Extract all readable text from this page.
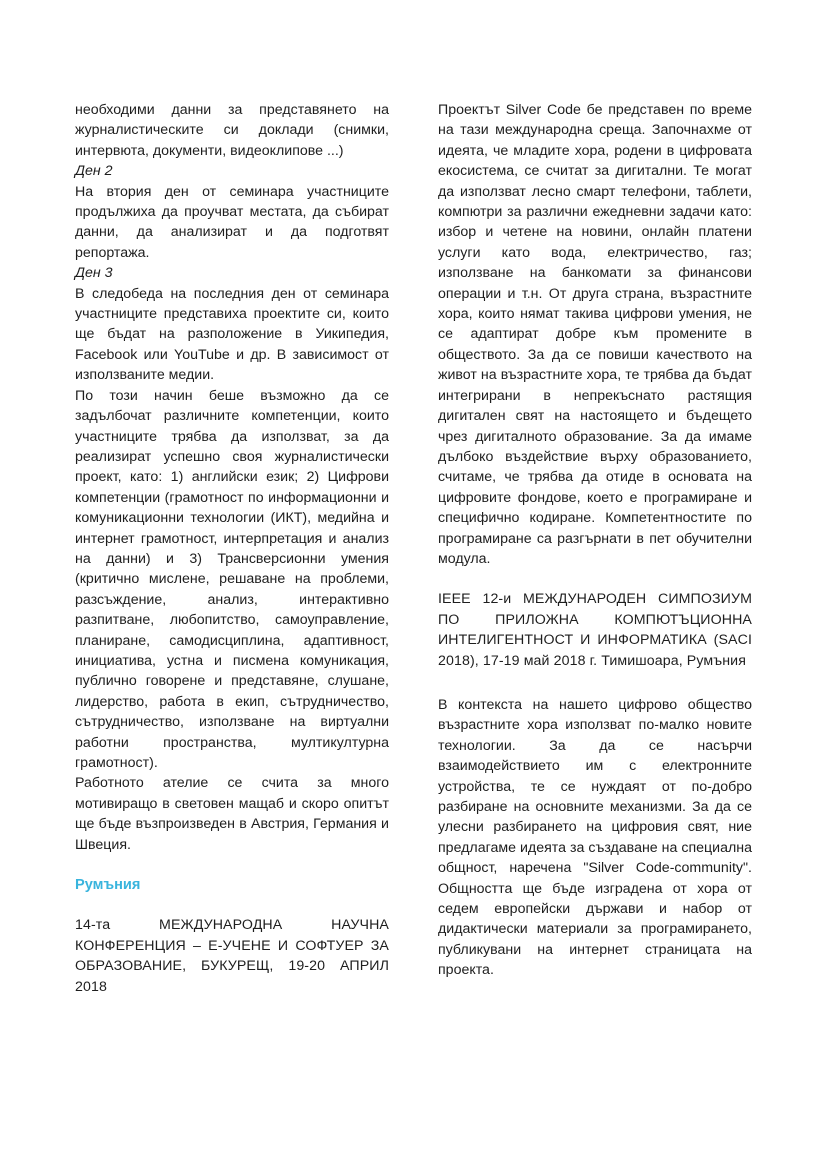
необходими данни за представянето на журналистическите си доклади (снимки, интервюта, документи, видеоклипове ...)

Ден 2

На втория ден от семинара участниците продължиха да проучват местата, да събират данни, да анализират и да подготвят репортажа.

Ден 3

В следобеда на последния ден от семинара участниците представиха проектите си, които ще бъдат на разположение в Уикипедия, Facebook или YouTube и др. В зависимост от използваните медии.

По този начин беше възможно да се задълбочат различните компетенции, които участниците трябва да използват, за да реализират успешно своя журналистически проект, като: 1) английски език; 2) Цифрови компетенции (грамотност по информационни и комуникационни технологии (ИКТ), медийна и интернет грамотност, интерпретация и анализ на данни) и 3) Трансверсионни умения (критично мислене, решаване на проблеми, разсъждение, анализ, интерактивно разпитване, любопитство, самоуправление, планиране, самодисциплина, адаптивност, инициатива, устна и писмена комуникация, публично говорене и представяне, слушане, лидерство, работа в екип, сътрудничество, сътрудничество, използване на виртуални работни пространства, мултикултурна грамотност).

Работното ателие се счита за много мотивиращо в световен мащаб и скоро опитът ще бъде възпроизведен в Австрия, Германия и Швеция.

Румъния

14-та МЕЖДУНАРОДНА НАУЧНА КОНФЕРЕНЦИЯ – Е-УЧЕНЕ И СОФТУЕР ЗА ОБРАЗОВАНИЕ, БУКУРЕЩ, 19-20 АПРИЛ 2018

Проектът Silver Code бе представен по време на тази международна среща. Започнахме от идеята, че младите хора, родени в цифровата екосистема, се считат за дигитални. Те могат да използват лесно смарт телефони, таблети, компютри за различни ежедневни задачи като: избор и четене на новини, онлайн платени услуги като вода, електричество, газ; използване на банкомати за финансови операции и т.н. От друга страна, възрастните хора, които нямат такива цифрови умения, не се адаптират добре към промените в обществото. За да се повиши качеството на живот на възрастните хора, те трябва да бъдат интегрирани в непрекъснато растящия дигитален свят на настоящето и бъдещето чрез дигиталното образование. За да имаме дълбоко въздействие върху образованието, считаме, че трябва да отиде в основата на цифровите фондове, което е програмиране и специфично кодиране. Компетентностите по програмиране са разгърнати в пет обучителни модула.

IEEE 12-и МЕЖДУНАРОДЕН СИМПОЗИУМ ПО ПРИЛОЖНА КОМПЮТЪЦИОННА ИНТЕЛИГЕНТНОСТ И ИНФОРМАТИКА (SACI 2018), 17-19 май 2018 г. Тимишоара, Румъния

В контекста на нашето цифрово общество възрастните хора използват по-малко новите технологии. За да се насърчи взаимодействието им с електронните устройства, те се нуждаят от по-добро разбиране на основните механизми. За да се улесни разбирането на цифровия свят, ние предлагаме идеята за създаване на специална общност, наречена "Silver Code-community". Общността ще бъде изградена от хора от седем европейски държави и набор от дидактически материали за програмирането, публикувани на интернет страницата на проекта.
